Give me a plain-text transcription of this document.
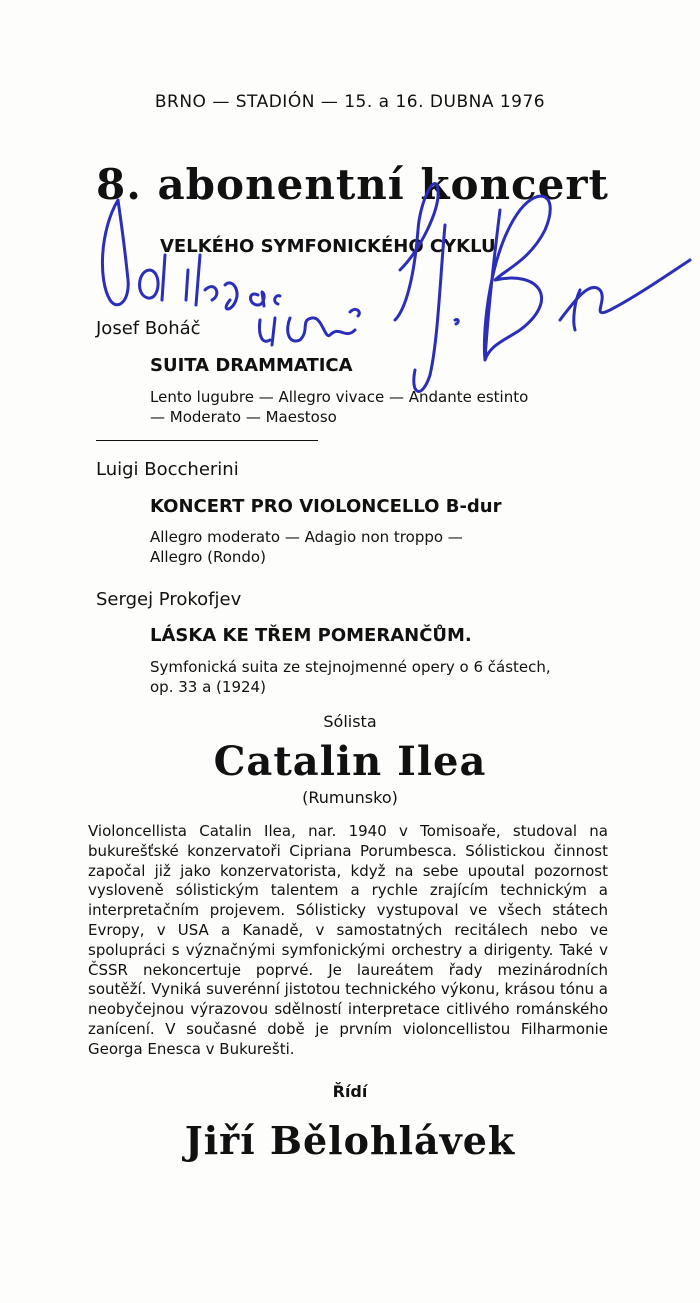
BRNO — STADIÓN — 15. a 16. DUBNA 1976
8. abonentní koncert
VELKÉHO SYMFONICKÉHO CYKLU
Josef Boháč
SUITA DRAMMATICA
Lento lugubre — Allegro vivace — Andante estinto
— Moderato — Maestoso
Luigi Boccherini
KONCERT PRO VIOLONCELLO B-dur
Allegro moderato — Adagio non troppo —
Allegro (Rondo)
Sergej Prokofjev
LÁSKA KE TŘEM POMERANČŮM.
Symfonická suita ze stejnojmenné opery o 6 částech,
op. 33 a (1924)
Sólista
Catalin Ilea
(Rumunsko)
Violoncellista Catalin Ilea, nar. 1940 v Tomisoaře, studoval na bukurešťské konzervatoři Cipriana Porumbesca. Sólistickou činnost započal již jako konzervatorista, když na sebe upoutal pozornost vysloveně sólistickým talentem a rychle zrajícím technickým a interpretačním projevem. Sólisticky vystupoval ve všech státech Evropy, v USA a Kanadě, v samostatných recitálech nebo ve spolupráci s význačnými symfonickými orchestry a dirigenty. Také v ČSSR nekoncertuje poprvé. Je laureátem řady mezinárodních soutěží. Vyniká suverénní jistotou technického výkonu, krásou tónu a neobyčejnou výrazovou sdělností interpretace citlivého románského zanícení. V současné době je prvním violoncellistou Filharmonie Georga Enesca v Bukurešti.
Řídí
Jiří Bělohlávek
